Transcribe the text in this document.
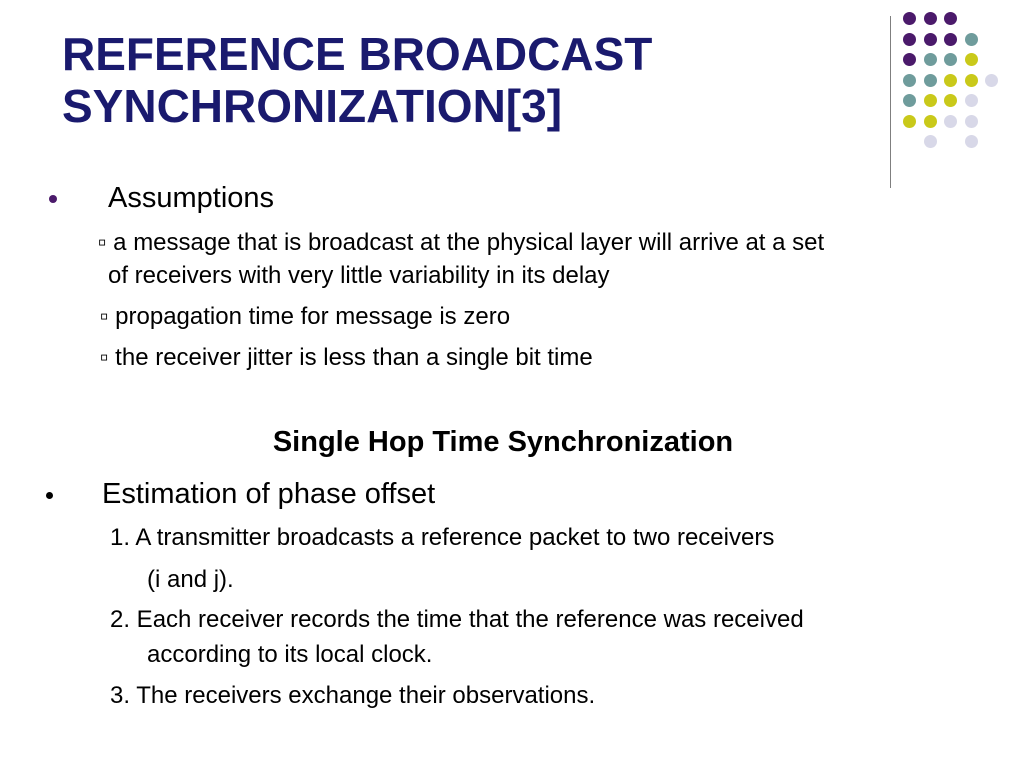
REFERENCE BROADCAST
SYNCHRONIZATION[3]
Assumptions
▫ a message that is broadcast at the physical layer will arrive at a set
of receivers with very little variability in its delay
▫ propagation time for message is zero
▫ the receiver jitter is less than a single bit time
Single Hop Time Synchronization
Estimation of phase offset
1. A transmitter broadcasts a reference packet to two receivers
(i and j).
2. Each receiver records the time that the reference was received
according to its local clock.
3. The receivers exchange their observations.
